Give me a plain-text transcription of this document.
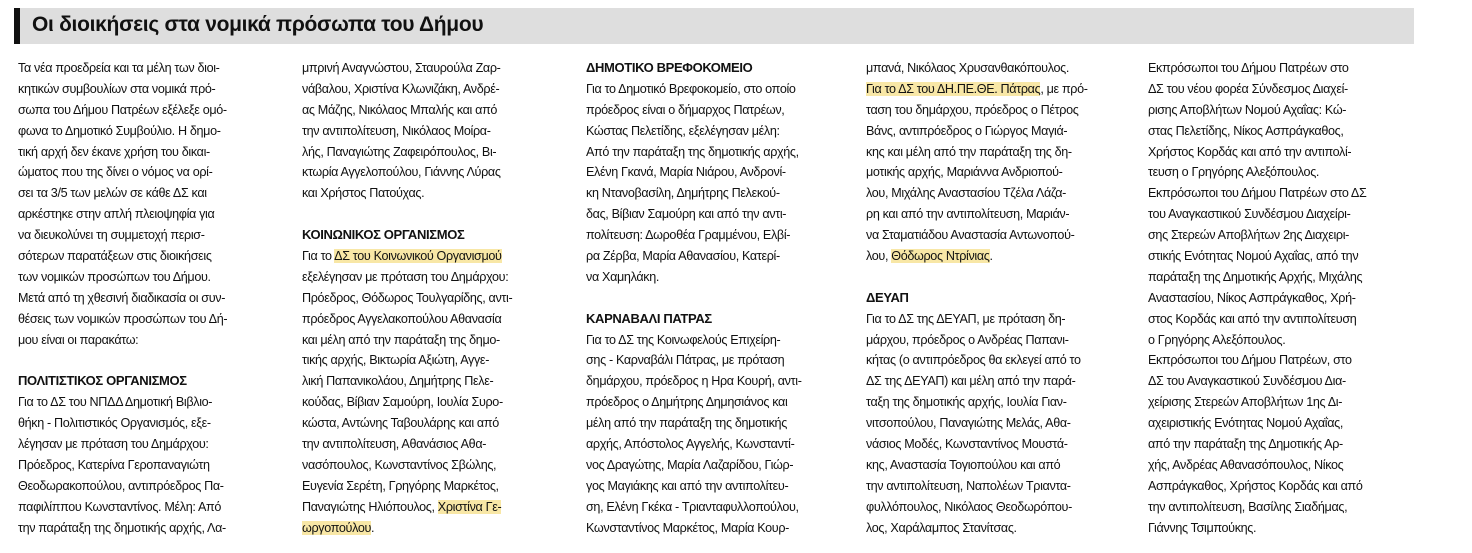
Οι διοικήσεις στα νομικά πρόσωπα του Δήμου

Τα νέα προεδρεία και τα μέλη των διοι-
κητικών συμβουλίων στα νομικά πρό-
σωπα του Δήμου Πατρέων εξέλεξε ομό-
φωνα το Δημοτικό Συμβούλιο. Η δημο-
τική αρχή δεν έκανε χρήση του δικαι-
ώματος που της δίνει ο νόμος να ορί-
σει τα 3/5 των μελών σε κάθε ΔΣ και
αρκέστηκε στην απλή πλειοψηφία για
να διευκολύνει τη συμμετοχή περισ-
σότερων παρατάξεων στις διοικήσεις
των νομικών προσώπων του Δήμου.
Μετά από τη χθεσινή διαδικασία οι συν-
θέσεις των νομικών προσώπων του Δή-
μου είναι οι παρακάτω:

ΠΟΛΙΤΙΣΤΙΚΟΣ ΟΡΓΑΝΙΣΜΟΣ

Για το ΔΣ του ΝΠΔΔ Δημοτική Βιβλιο-
θήκη - Πολιτιστικός Οργανισμός, εξε-
λέγησαν με πρόταση του Δημάρχου:
Πρόεδρος, Κατερίνα Γεροπαναγιώτη
Θεοδωρακοπούλου, αντιπρόεδρος Πα-
παφιλίππου Κωνσταντίνος. Μέλη: Από
την παράταξη της δημοτικής αρχής, Λα-

μπρινή Αναγνώστου, Σταυρούλα Ζαρ-
νάβαλου, Χριστίνα Κλωνιζάκη, Ανδρέ-
ας Μάζης, Νικόλαος Μπαλής και από
την αντιπολίτευση, Νικόλαος Μοίρα-
λής, Παναγιώτης Ζαφειρόπουλος, Βι-
κτωρία Αγγελοπούλου, Γιάννης Λύρας
και Χρήστος Πατούχας.

ΚΟΙΝΩΝΙΚΟΣ ΟΡΓΑΝΙΣΜΟΣ

Για το ΔΣ του Κοινωνικού Οργανισμού
εξελέγησαν με πρόταση του Δημάρχου:
Πρόεδρος, Θόδωρος Τουλγαρίδης, αντι-
πρόεδρος Αγγελακοπούλου Αθανασία
και μέλη από την παράταξη της δημο-
τικής αρχής, Βικτωρία Αξιώτη, Αγγε-
λική Παπανικολάου, Δημήτρης Πελε-
κούδας, Βίβιαν Σαμούρη, Ιουλία Συρο-
κώστα, Αντώνης Ταβουλάρης και από
την αντιπολίτευση, Αθανάσιος Αθα-
νασόπουλος, Κωνσταντίνος Σβώλης,
Ευγενία Σερέτη, Γρηγόρης Μαρκέτος,
Παναγιώτης Ηλιόπουλος, Χριστίνα Γε-
ωργοπούλου.

ΔΗΜΟΤΙΚΟ ΒΡΕΦΟΚΟΜΕΙΟ

Για το Δημοτικό Βρεφοκομείο, στο οποίο
πρόεδρος είναι ο δήμαρχος Πατρέων,
Κώστας Πελετίδης, εξελέγησαν μέλη:
Από την παράταξη της δημοτικής αρχής,
Ελένη Γκανά, Μαρία Νιάρου, Ανδρονί-
κη Ντανοβασίλη, Δημήτρης Πελεκού-
δας, Βίβιαν Σαμούρη και από την αντι-
πολίτευση: Δωροθέα Γραμμένου, Ελβί-
ρα Ζέρβα, Μαρία Αθανασίου, Κατερί-
να Χαμηλάκη.

ΚΑΡΝΑΒΑΛΙ ΠΑΤΡΑΣ

Για το ΔΣ της Κοινωφελούς Επιχείρη-
σης - Καρναβάλι Πάτρας, με πρόταση
δημάρχου, πρόεδρος η Ηρα Κουρή, αντι-
πρόεδρος ο Δημήτρης Δημησιάνος και
μέλη από την παράταξη της δημοτικής
αρχής, Απόστολος Αγγελής, Κωνσταντί-
νος Δραγώτης, Μαρία Λαζαρίδου, Γιώρ-
γος Μαγιάκης και από την αντιπολίτευ-
ση, Ελένη Γκέκα - Τριανταφυλλοπούλου,
Κωνσταντίνος Μαρκέτος, Μαρία Κουρ-

μπανά, Νικόλαος Χρυσανθακόπουλος.
Για το ΔΣ του ΔΗ.ΠΕ.ΘΕ. Πάτρας, με πρό-
ταση του δημάρχου, πρόεδρος ο Πέτρος
Βάνς, αντιπρόεδρος ο Γιώργος Μαγιά-
κης και μέλη από την παράταξη της δη-
μοτικής αρχής, Μαριάννα Ανδριοπού-
λου, Μιχάλης Αναστασίου Τζέλα Λάζα-
ρη και από την αντιπολίτευση, Μαριάν-
να Σταματιάδου Αναστασία Αντωνοπού-
λου, Θόδωρος Ντρίνιας.

ΔΕΥΑΠ

Για το ΔΣ της ΔΕΥΑΠ, με πρόταση δη-
μάρχου, πρόεδρος ο Ανδρέας Παπανι-
κήτας (ο αντιπρόεδρος θα εκλεγεί από το
ΔΣ της ΔΕΥΑΠ) και μέλη από την παρά-
ταξη της δημοτικής αρχής, Ιουλία Γιαν-
νιτσοπούλου, Παναγιώτης Μελάς, Αθα-
νάσιος Μοδές, Κωνσταντίνος Μουστά-
κης, Αναστασία Τογιοπούλου και από
την αντιπολίτευση, Ναπολέων Τριαντα-
φυλλόπουλος, Νικόλαος Θεοδωρόπου-
λος, Χαράλαμπος Στανίτσας.

Εκπρόσωποι του Δήμου Πατρέων στο
ΔΣ του νέου φορέα Σύνδεσμος Διαχεί-
ρισης Αποβλήτων Νομού Αχαΐας: Κώ-
στας Πελετίδης, Νίκος Ασπράγκαθος,
Χρήστος Κορδάς και από την αντιπολί-
τευση ο Γρηγόρης Αλεξόπουλος.
Εκπρόσωποι του Δήμου Πατρέων στο ΔΣ
του Αναγκαστικού Συνδέσμου Διαχείρι-
σης Στερεών Αποβλήτων 2ης Διαχειρι-
στικής Ενότητας Νομού Αχαΐας, από την
παράταξη της Δημοτικής Αρχής, Μιχάλης
Αναστασίου, Νίκος Ασπράγκαθος, Χρή-
στος Κορδάς και από την αντιπολίτευση
ο Γρηγόρης Αλεξόπουλος.
Εκπρόσωποι του Δήμου Πατρέων, στο
ΔΣ του Αναγκαστικού Συνδέσμου Δια-
χείρισης Στερεών Αποβλήτων 1ης Δι-
αχειριστικής Ενότητας Νομού Αχαΐας,
από την παράταξη της Δημοτικής Αρ-
χής, Ανδρέας Αθανασόπουλος, Νίκος
Ασπράγκαθος, Χρήστος Κορδάς και από
την αντιπολίτευση, Βασίλης Σιαδήμας,
Γιάννης Τσιμπούκης.
